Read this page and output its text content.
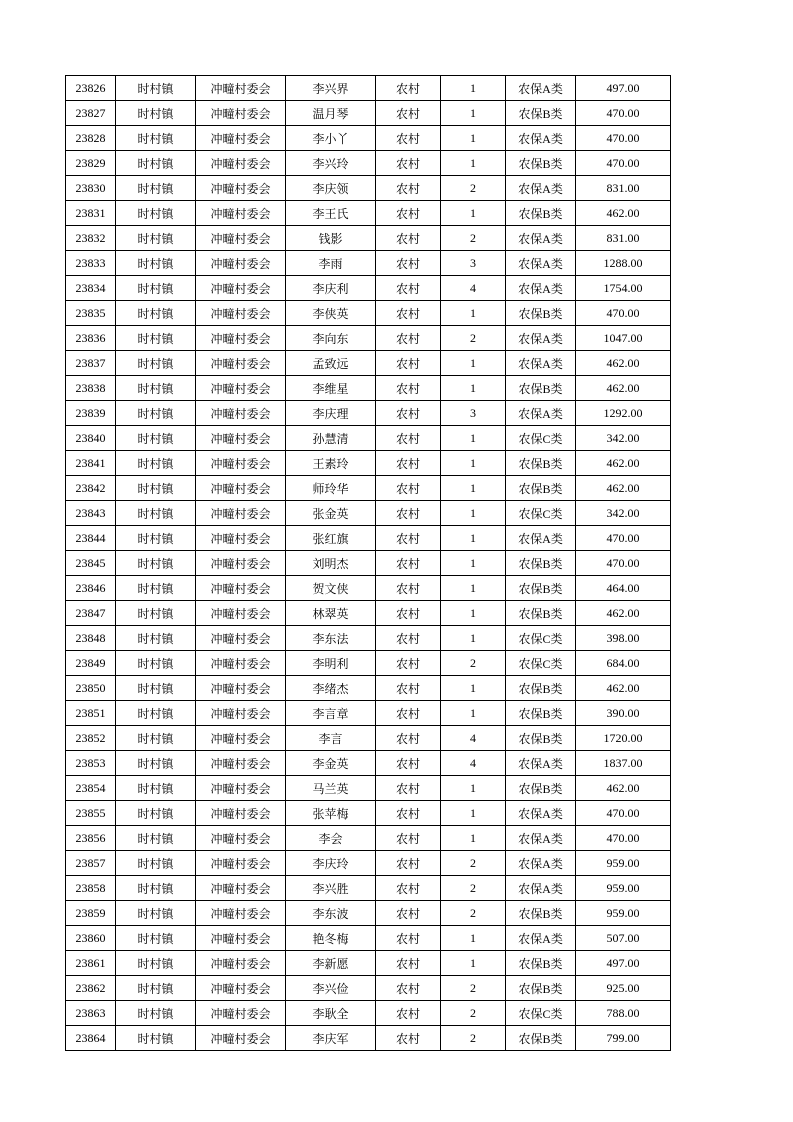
23826	时村镇	冲疃村委会	李兴界	农村	1	农保A类	497.00
23827	时村镇	冲疃村委会	温月琴	农村	1	农保B类	470.00
23828	时村镇	冲疃村委会	李小丫	农村	1	农保A类	470.00
23829	时村镇	冲疃村委会	李兴玲	农村	1	农保B类	470.00
23830	时村镇	冲疃村委会	李庆领	农村	2	农保A类	831.00
23831	时村镇	冲疃村委会	李王氏	农村	1	农保B类	462.00
23832	时村镇	冲疃村委会	钱影	农村	2	农保A类	831.00
23833	时村镇	冲疃村委会	李雨	农村	3	农保A类	1288.00
23834	时村镇	冲疃村委会	李庆利	农村	4	农保A类	1754.00
23835	时村镇	冲疃村委会	李侠英	农村	1	农保B类	470.00
23836	时村镇	冲疃村委会	李向东	农村	2	农保A类	1047.00
23837	时村镇	冲疃村委会	孟致远	农村	1	农保A类	462.00
23838	时村镇	冲疃村委会	李维星	农村	1	农保B类	462.00
23839	时村镇	冲疃村委会	李庆理	农村	3	农保A类	1292.00
23840	时村镇	冲疃村委会	孙慧清	农村	1	农保C类	342.00
23841	时村镇	冲疃村委会	王素玲	农村	1	农保B类	462.00
23842	时村镇	冲疃村委会	师玲华	农村	1	农保B类	462.00
23843	时村镇	冲疃村委会	张金英	农村	1	农保C类	342.00
23844	时村镇	冲疃村委会	张红旗	农村	1	农保A类	470.00
23845	时村镇	冲疃村委会	刘明杰	农村	1	农保B类	470.00
23846	时村镇	冲疃村委会	贺文侠	农村	1	农保B类	464.00
23847	时村镇	冲疃村委会	林翠英	农村	1	农保B类	462.00
23848	时村镇	冲疃村委会	李东法	农村	1	农保C类	398.00
23849	时村镇	冲疃村委会	李明利	农村	2	农保C类	684.00
23850	时村镇	冲疃村委会	李绪杰	农村	1	农保B类	462.00
23851	时村镇	冲疃村委会	李言章	农村	1	农保B类	390.00
23852	时村镇	冲疃村委会	李言	农村	4	农保B类	1720.00
23853	时村镇	冲疃村委会	李金英	农村	4	农保A类	1837.00
23854	时村镇	冲疃村委会	马兰英	农村	1	农保B类	462.00
23855	时村镇	冲疃村委会	张苹梅	农村	1	农保A类	470.00
23856	时村镇	冲疃村委会	李会	农村	1	农保A类	470.00
23857	时村镇	冲疃村委会	李庆玲	农村	2	农保A类	959.00
23858	时村镇	冲疃村委会	李兴胜	农村	2	农保A类	959.00
23859	时村镇	冲疃村委会	李东波	农村	2	农保B类	959.00
23860	时村镇	冲疃村委会	艳冬梅	农村	1	农保A类	507.00
23861	时村镇	冲疃村委会	李新愿	农村	1	农保B类	497.00
23862	时村镇	冲疃村委会	李兴俭	农村	2	农保B类	925.00
23863	时村镇	冲疃村委会	李耿全	农村	2	农保C类	788.00
23864	时村镇	冲疃村委会	李庆军	农村	2	农保B类	799.00
